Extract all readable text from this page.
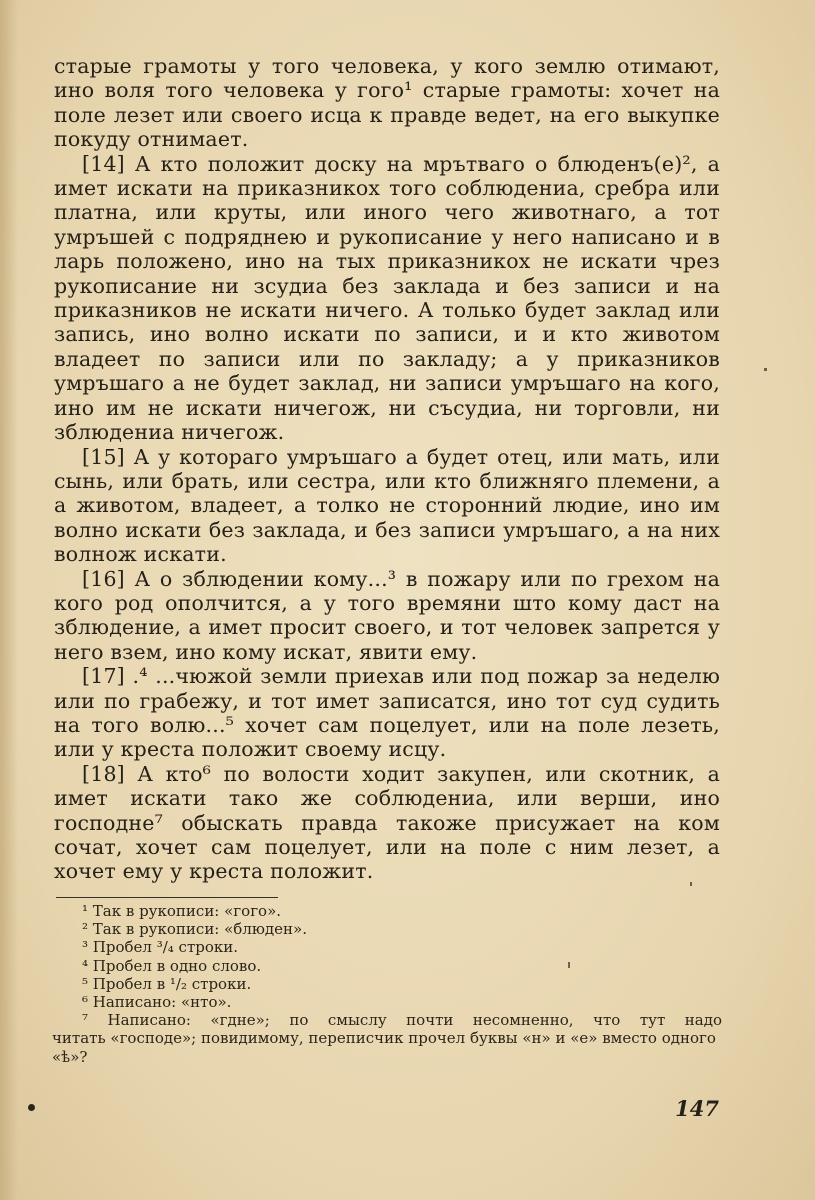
старые грамоты у того человека, у кого землю отимают, ино воля того человека у гого¹ старые грамоты: хочет на поле лезет или своего исца к правде ведет, на его выкупке покуду отнимает.

[14] А кто положит доску на мрътваго о блюденъ(е)², а имет искати на приказникох того соблюдениа, сребра или платна, или круты, или иного чего животнаго, а тот умръшей с подряднею и рукописание у него написано и в ларь положено, ино на тых приказникох не искати чрез рукописание ни зсудиа без заклада и без записи и на приказников не искати ничего. А только будет заклад или запись, ино волно искати по записи, и и кто животом владеет по записи или по закладу; а у приказников умръшаго а не будет заклад, ни записи умръшаго на кого, ино им не искати ничегож, ни съсудиа, ни торговли, ни зблюдениа ничегож.

[15] А у котораго умръшаго а будет отец, или мать, или сынь, или брать, или сестра, или кто ближняго племени, а а животом, владеет, а толко не сторонний людие, ино им волно искати без заклада, и без записи умръшаго, а на них волнож искати.

[16] А о зблюдении кому...³ в пожару или по грехом на кого род ополчится, а у того времяни што кому даст на зблюдение, а имет просит своего, и тот человек запрется у него взем, ино кому искат, явити ему.

[17] .⁴ ...чюжой земли приехав или под пожар за неделю или по грабежу, и тот имет записатся, ино тот суд судить на того волю...⁵ хочет сам поцелует, или на поле лезеть, или у креста положит своему исцу.

[18] А кто⁶ по волости ходит закупен, или скотник, а имет искати тако же соблюдениа, или верши, ино господне⁷ обыскать правда такоже присужает на ком сочат, хочет сам поцелует, или на поле с ним лезет, а хочет ему у креста положит.

¹ Так в рукописи: «гого».

² Так в рукописи: «блюден».

³ Пробел ³/₄ строки.

⁴ Пробел в одно слово.

⁵ Пробел в ¹/₂ строки.

⁶ Написано: «нто».

⁷ Написано: «гдне»; по смыслу почти несомненно, что тут надо

читать «господе»; повидимому, переписчик прочел буквы «н» и «е» вместо одного «ѣ»?

147
